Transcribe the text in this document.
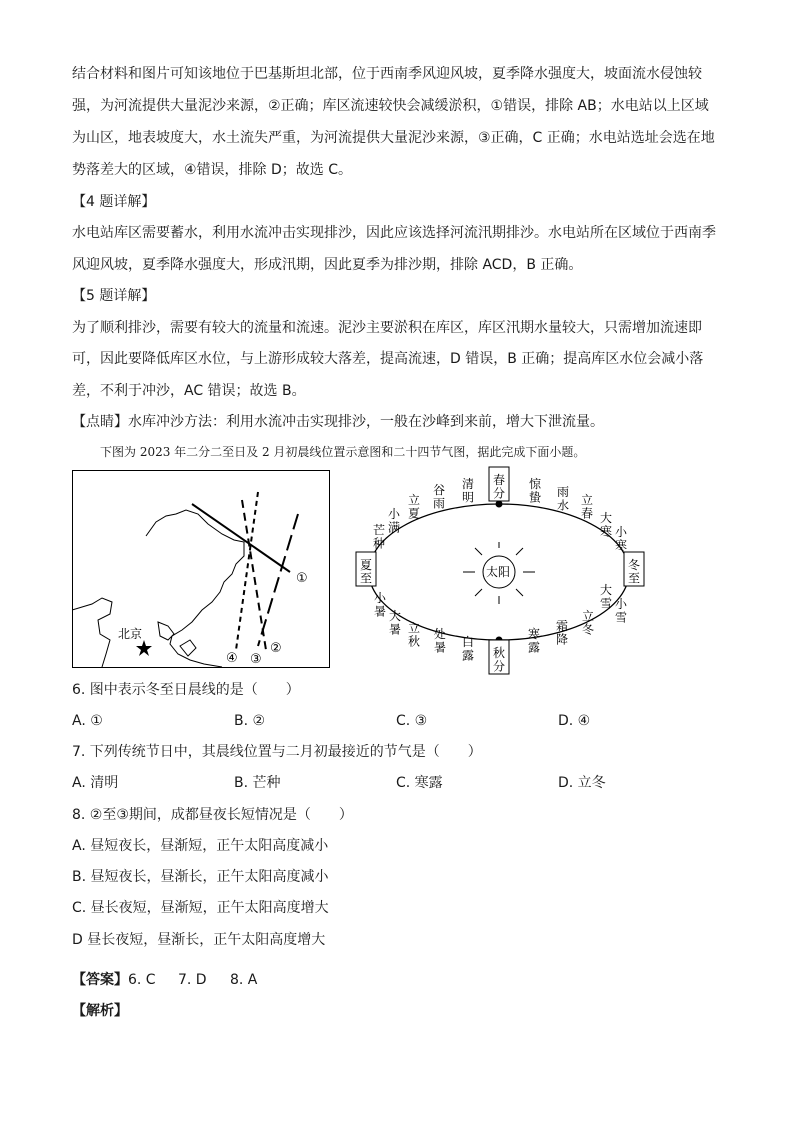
结合材料和图片可知该地位于巴基斯坦北部，位于西南季风迎风坡，夏季降水强度大，坡面流水侵蚀较
强，为河流提供大量泥沙来源，②正确；库区流速较快会减缓淤积，①错误，排除 AB；水电站以上区域
为山区，地表坡度大，水土流失严重，为河流提供大量泥沙来源，③正确，C 正确；水电站选址会选在地
势落差大的区域，④错误，排除 D；故选 C。
【4 题详解】
水电站库区需要蓄水，利用水流冲击实现排沙，因此应该选择河流汛期排沙。水电站所在区域位于西南季
风迎风坡，夏季降水强度大，形成汛期，因此夏季为排沙期，排除 ACD，B 正确。
【5 题详解】
为了顺利排沙，需要有较大的流量和流速。泥沙主要淤积在库区，库区汛期水量较大，只需增加流速即
可，因此要降低库区水位，与上游形成较大落差，提高流速，D 错误，B 正确；提高库区水位会减小落
差，不利于冲沙，AC 错误；故选 B。
【点睛】水库冲沙方法：利用水流冲击实现排沙，一般在沙峰到来前，增大下泄流量。
下图为 2023 年二分二至日及 2 月初晨线位置示意图和二十四节气图，据此完成下面小题。
北京
①
②
③
④
太阳
春分
冬至
秋分
夏至
惊蛰 雨水 立春 大寒 小寒
小雪
大雪
立冬
霜降
寒露
白露
处暑
立秋
大暑
小暑
芒种
小满
立夏
谷雨
清明
6. 图中表示冬至日晨线的是（　　）
A. ①	B. ②	C. ③	D. ④
7. 下列传统节日中，其晨线位置与二月初最接近的节气是（　　）
A. 清明	B. 芒种	C. 寒露	D. 立冬
8. ②至③期间，成都昼夜长短情况是（　　）
A. 昼短夜长，昼渐短，正午太阳高度减小
B. 昼短夜长，昼渐长，正午太阳高度减小
C. 昼长夜短，昼渐短，正午太阳高度增大
D 昼长夜短，昼渐长，正午太阳高度增大
【答案】 6. C 7. D 8. A
【解析】
